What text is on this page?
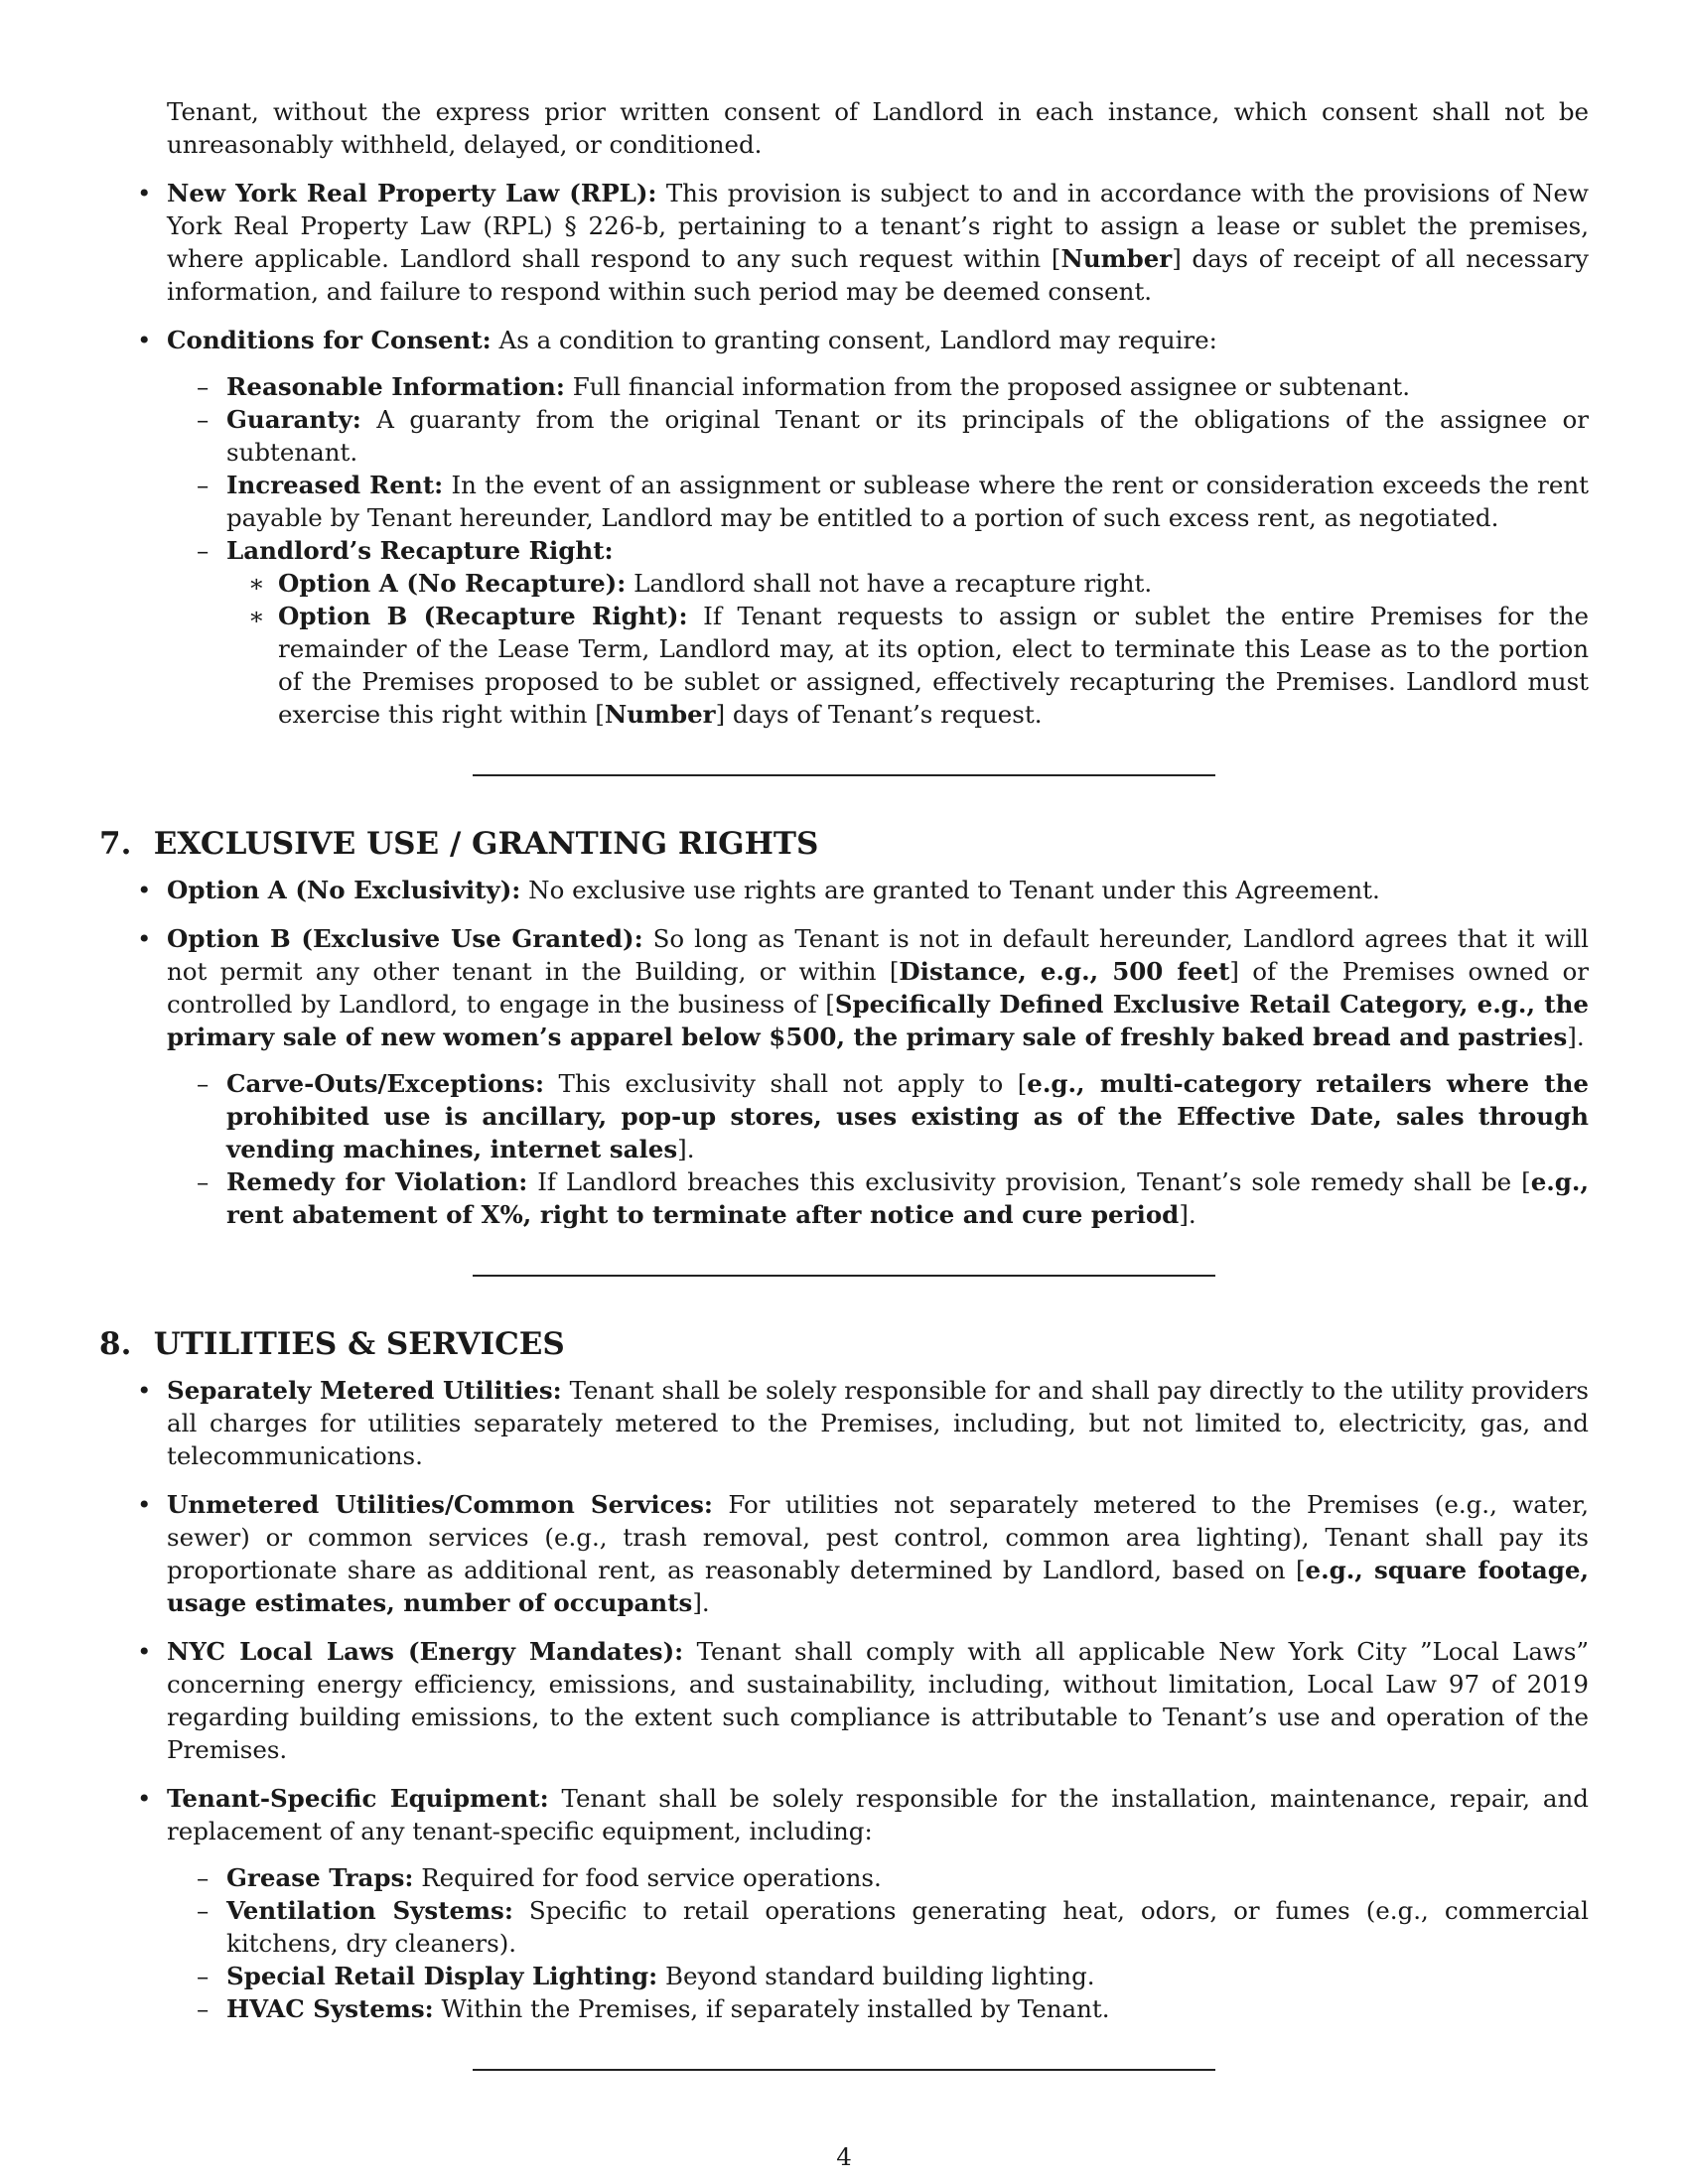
Tenant, without the express prior written consent of Landlord in each instance, which consent shall not be unreasonably withheld, delayed, or conditioned.

• New York Real Property Law (RPL): This provision is subject to and in accordance with the provisions of New York Real Property Law (RPL) § 226-b, pertaining to a tenant’s right to assign a lease or sublet the premises, where applicable. Landlord shall respond to any such request within [Number] days of receipt of all necessary information, and failure to respond within such period may be deemed consent.
• Conditions for Consent: As a condition to granting consent, Landlord may require:
– Reasonable Information: Full financial information from the proposed assignee or subtenant.
– Guaranty: A guaranty from the original Tenant or its principals of the obligations of the assignee or subtenant.
– Increased Rent: In the event of an assignment or sublease where the rent or consideration exceeds the rent payable by Tenant hereunder, Landlord may be entitled to a portion of such excess rent, as negotiated.
– Landlord’s Recapture Right:
∗ Option A (No Recapture): Landlord shall not have a recapture right.
∗ Option B (Recapture Right): If Tenant requests to assign or sublet the entire Premises for the remainder of the Lease Term, Landlord may, at its option, elect to terminate this Lease as to the portion of the Premises proposed to be sublet or assigned, effectively recapturing the Premises. Landlord must exercise this right within [Number] days of Tenant’s request.
7. EXCLUSIVE USE / GRANTING RIGHTS
• Option A (No Exclusivity): No exclusive use rights are granted to Tenant under this Agreement.
• Option B (Exclusive Use Granted): So long as Tenant is not in default hereunder, Landlord agrees that it will not permit any other tenant in the Building, or within [Distance, e.g., 500 feet] of the Premises owned or controlled by Landlord, to engage in the business of [Specifically Defined Exclusive Retail Category, e.g., the primary sale of new women’s apparel below $500, the primary sale of freshly baked bread and pastries].
– Carve-Outs/Exceptions: This exclusivity shall not apply to [e.g., multi-category retailers where the prohibited use is ancillary, pop-up stores, uses existing as of the Effective Date, sales through vending machines, internet sales].
– Remedy for Violation: If Landlord breaches this exclusivity provision, Tenant’s sole remedy shall be [e.g., rent abatement of X%, right to terminate after notice and cure period].
8. UTILITIES & SERVICES
• Separately Metered Utilities: Tenant shall be solely responsible for and shall pay directly to the utility providers all charges for utilities separately metered to the Premises, including, but not limited to, electricity, gas, and telecommunications.
• Unmetered Utilities/Common Services: For utilities not separately metered to the Premises (e.g., water, sewer) or common services (e.g., trash removal, pest control, common area lighting), Tenant shall pay its proportionate share as additional rent, as reasonably determined by Landlord, based on [e.g., square footage, usage estimates, number of occupants].
• NYC Local Laws (Energy Mandates): Tenant shall comply with all applicable New York City ”Local Laws” concerning energy efficiency, emissions, and sustainability, including, without limitation, Local Law 97 of 2019 regarding building emissions, to the extent such compliance is attributable to Tenant’s use and operation of the Premises.
• Tenant-Specific Equipment: Tenant shall be solely responsible for the installation, maintenance, repair, and replacement of any tenant-specific equipment, including:
– Grease Traps: Required for food service operations.
– Ventilation Systems: Specific to retail operations generating heat, odors, or fumes (e.g., commercial kitchens, dry cleaners).
– Special Retail Display Lighting: Beyond standard building lighting.
– HVAC Systems: Within the Premises, if separately installed by Tenant.
4
